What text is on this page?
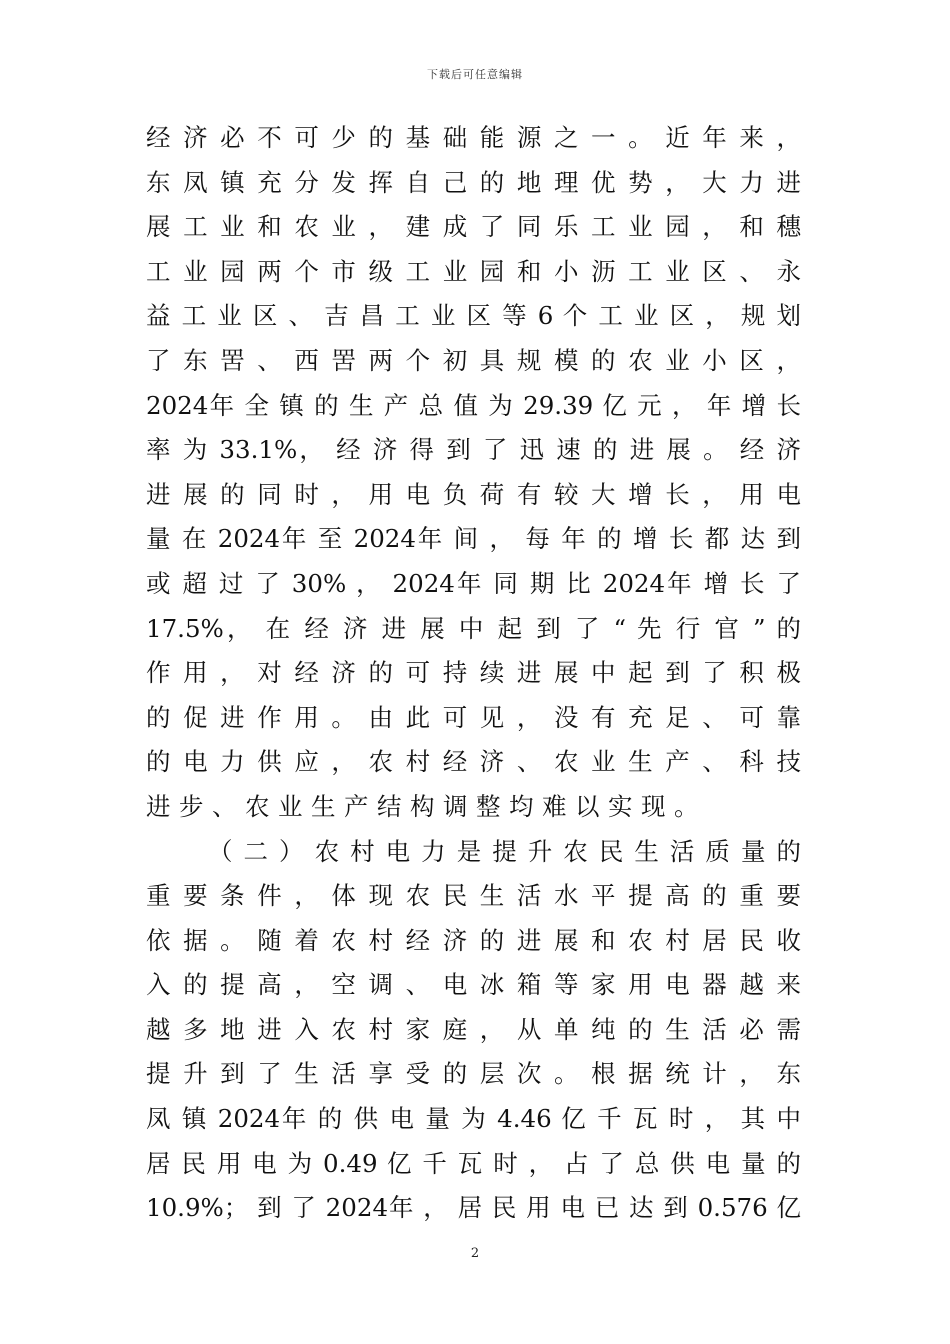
下载后可任意编辑
经 济 必 不 可 少 的 基 础 能 源 之 一 。 近 年 来 ，
东 凤 镇 充 分 发 挥 自 己 的 地 理 优 势 ， 大 力 进
展 工 业 和 农 业 ， 建 成 了 同 乐 工 业 园 ， 和 穗
工 业 园 两 个 市 级 工 业 园 和 小 沥 工 业 区 、 永
益 工 业 区 、 吉 昌 工 业 区 等 6 个 工 业 区 ， 规 划
了 东 罟 、 西 罟 两 个 初 具 规 模 的 农 业 小 区 ，
2024年 全 镇 的 生 产 总 值 为 29.39 亿 元 ， 年 增 长
率 为 33.1%， 经 济 得 到 了 迅 速 的 进 展 。 经 济
进 展 的 同 时 ， 用 电 负 荷 有 较 大 增 长 ， 用 电
量 在 2024年 至 2024年 间 ， 每 年 的 增 长 都 达 到
或 超 过 了 30% ， 2024年 同 期 比 2024年 增 长 了
17.5%， 在 经 济 进 展 中 起 到 了 “ 先 行 官 ” 的
作 用 ， 对 经 济 的 可 持 续 进 展 中 起 到 了 积 极
的 促 进 作 用 。 由 此 可 见 ， 没 有 充 足 、 可 靠
的 电 力 供 应 ， 农 村 经 济 、 农 业 生 产 、 科 技
进步、农业生产结构调整均难以实现。
（ 二 ） 农 村 电 力 是 提 升 农 民 生 活 质 量 的
重 要 条 件 ， 体 现 农 民 生 活 水 平 提 高 的 重 要
依 据 。 随 着 农 村 经 济 的 进 展 和 农 村 居 民 收
入 的 提 高 ， 空 调 、 电 冰 箱 等 家 用 电 器 越 来
越 多 地 进 入 农 村 家 庭 ， 从 单 纯 的 生 活 必 需
提 升 到 了 生 活 享 受 的 层 次 。 根 据 统 计 ， 东
凤 镇 2024年 的 供 电 量 为 4.46 亿 千 瓦 时 ， 其 中
居 民 用 电 为 0.49 亿 千 瓦 时 ， 占 了 总 供 电 量 的
10.9%； 到 了 2024年 ， 居 民 用 电 已 达 到 0.576 亿
2
